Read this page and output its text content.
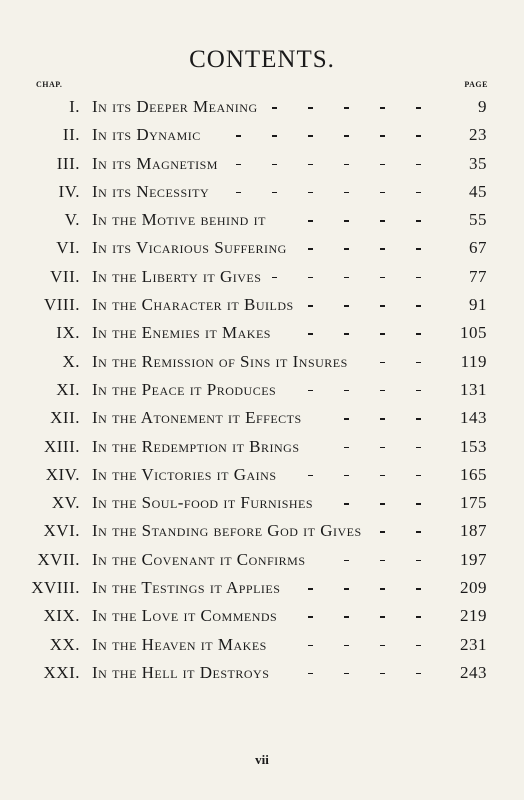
CONTENTS.
CHAP.	PAGE
I. In its Deeper Meaning	9
II. In its Dynamic	23
III. In its Magnetism	35
IV. In its Necessity	45
V. In the Motive behind it	55
VI. In its Vicarious Suffering	67
VII. In the Liberty it Gives	77
VIII. In the Character it Builds	91
IX. In the Enemies it Makes	105
X. In the Remission of Sins it Insures	119
XI. In the Peace it Produces	131
XII. In the Atonement it Effects	143
XIII. In the Redemption it Brings	153
XIV. In the Victories it Gains	165
XV. In the Soul-food it Furnishes	175
XVI. In the Standing before God it Gives	187
XVII. In the Covenant it Confirms	197
XVIII. In the Testings it Applies	209
XIX. In the Love it Commends	219
XX. In the Heaven it Makes	231
XXI. In the Hell it Destroys	243
vii
